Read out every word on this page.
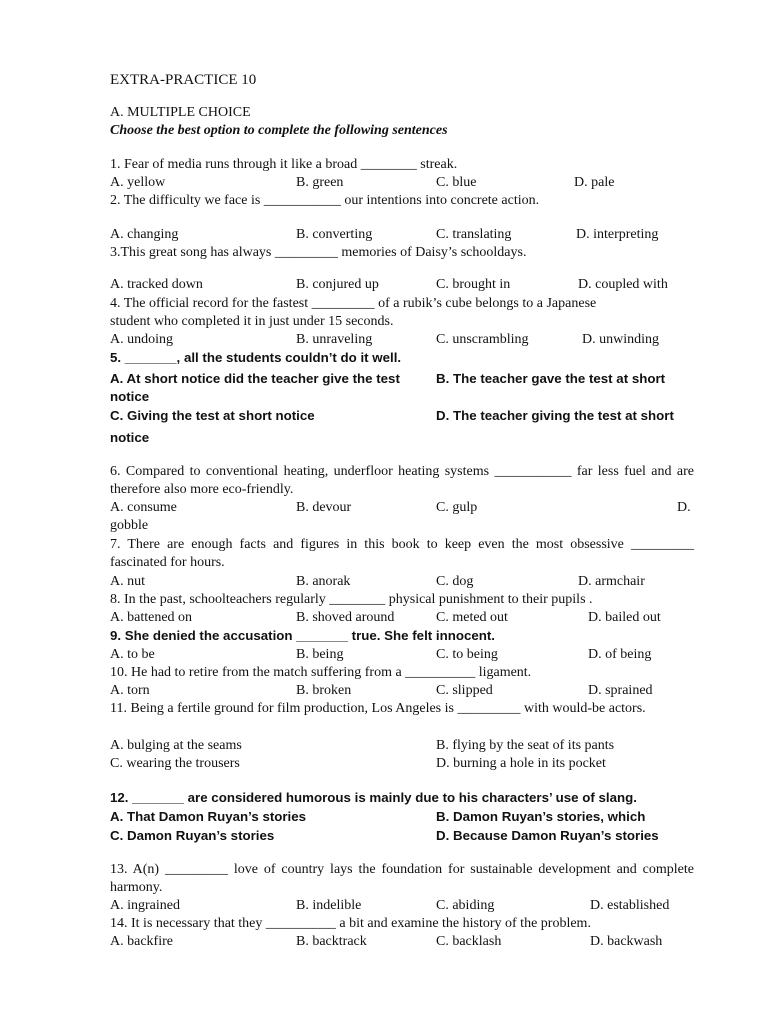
EXTRA-PRACTICE 10
A. MULTIPLE CHOICE
Choose the best option to complete the following sentences
1. Fear of media runs through it like a broad ________ streak.
A. yellow	B. green	C. blue	D. pale
2. The difficulty we face is ___________ our intentions into concrete action.
A. changing	B. converting	C. translating	D. interpreting
3.This great song has always _________ memories of Daisy’s schooldays.
A. tracked down	B. conjured up	C. brought in	D. coupled with
4. The official record for the fastest _________ of a rubik’s cube belongs to a Japanese
student who completed it in just under 15 seconds.
A. undoing	B. unraveling	C. unscrambling	D. unwinding
5. _______, all the students couldn’t do it well.
A. At short notice did the teacher give the test	B. The teacher gave the test at short
notice
C. Giving the test at short notice	D. The teacher giving the test at short
notice
6. Compared to conventional heating, underfloor heating systems ___________ far less fuel and are therefore also more eco-friendly.
A. consume	B. devour	C. gulp	D.
gobble
7. There are enough facts and figures in this book to keep even the most obsessive _________ fascinated for hours.
A. nut	B. anorak	C. dog	D. armchair
8. In the past, schoolteachers regularly ________ physical punishment to their pupils .
A. battened on	B. shoved around	C. meted out	D. bailed out
9. She denied the accusation _______ true. She felt innocent.
A. to be	B. being	C. to being	D. of being
10. He had to retire from the match suffering from a __________ ligament.
A. torn	B. broken	C. slipped	D. sprained
11. Being a fertile ground for film production, Los Angeles is _________ with would-be actors.
A. bulging at the seams	B. flying by the seat of its pants
C. wearing the trousers	D. burning a hole in its pocket
12. _______ are considered humorous is mainly due to his characters’ use of slang.
A. That Damon Ruyan’s stories	B. Damon Ruyan’s stories, which
C. Damon Ruyan’s stories	D. Because Damon Ruyan’s stories
13. A(n) _________ love of country lays the foundation for sustainable development and complete harmony.
A. ingrained	B. indelible	C. abiding	D. established
14. It is necessary that they __________ a bit and examine the history of the problem.
A. backfire	B. backtrack	C. backlash	D. backwash
